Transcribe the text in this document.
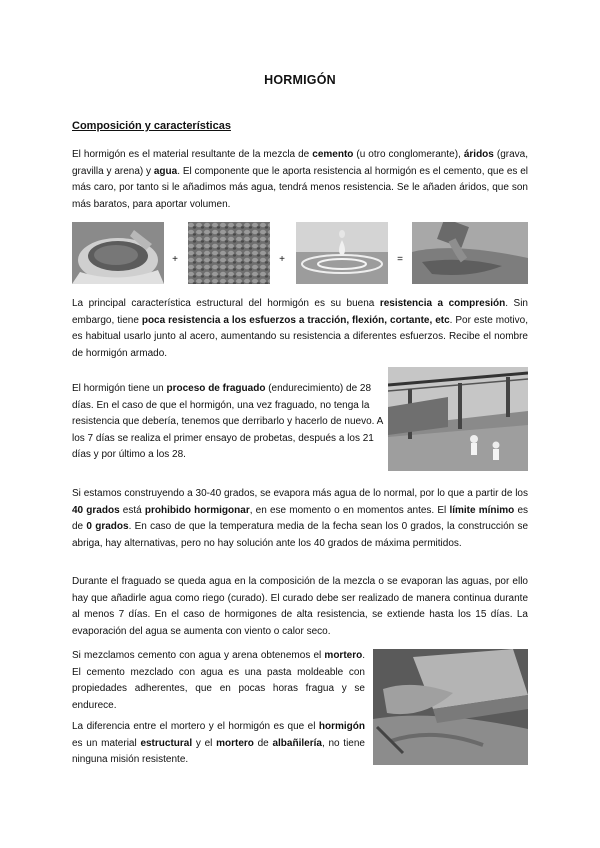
HORMIGÓN
Composición y características
El hormigón es el material resultante de la mezcla de cemento (u otro conglomerante), áridos (grava, gravilla y arena) y agua. El componente que le aporta resistencia al hormigón es el cemento, que es el más caro, por tanto si le añadimos más agua, tendrá menos resistencia. Se le añaden áridos, que son más baratos, para aportar volumen.
+	+	=
La principal característica estructural del hormigón es su buena resistencia a compresión. Sin embargo, tiene poca resistencia a los esfuerzos a tracción, flexión, cortante, etc. Por este motivo, es habitual usarlo junto al acero, aumentando su resistencia a diferentes esfuerzos. Recibe el nombre de hormigón armado.
El hormigón tiene un proceso de fraguado (endurecimiento) de 28 días. En el caso de que el hormigón, una vez fraguado, no tenga la resistencia que debería, tenemos que derribarlo y hacerlo de nuevo. A los 7 días se realiza el primer ensayo de probetas, después a los 21 días y por último a los 28.
Si estamos construyendo a 30-40 grados, se evapora más agua de lo normal, por lo que a partir de los 40 grados está prohibido hormigonar, en ese momento o en momentos antes. El límite mínimo es de 0 grados. En caso de que la temperatura media de la fecha sean los 0 grados, la construcción se abriga, hay alternativas, pero no hay solución ante los 40 grados de máxima permitidos.
Durante el fraguado se queda agua en la composición de la mezcla o se evaporan las aguas, por ello hay que añadirle agua como riego (curado). El curado debe ser realizado de manera continua durante al menos 7 días. En el caso de hormigones de alta resistencia, se extiende hasta los 15 días. La evaporación del agua se aumenta con viento o calor seco.
Si mezclamos cemento con agua y arena obtenemos el mortero. El cemento mezclado con agua es una pasta moldeable con propiedades adherentes, que en pocas horas fragua y se endurece.
La diferencia entre el mortero y el hormigón es que el hormigón es un material estructural y el mortero de albañilería, no tiene ninguna misión resistente.
